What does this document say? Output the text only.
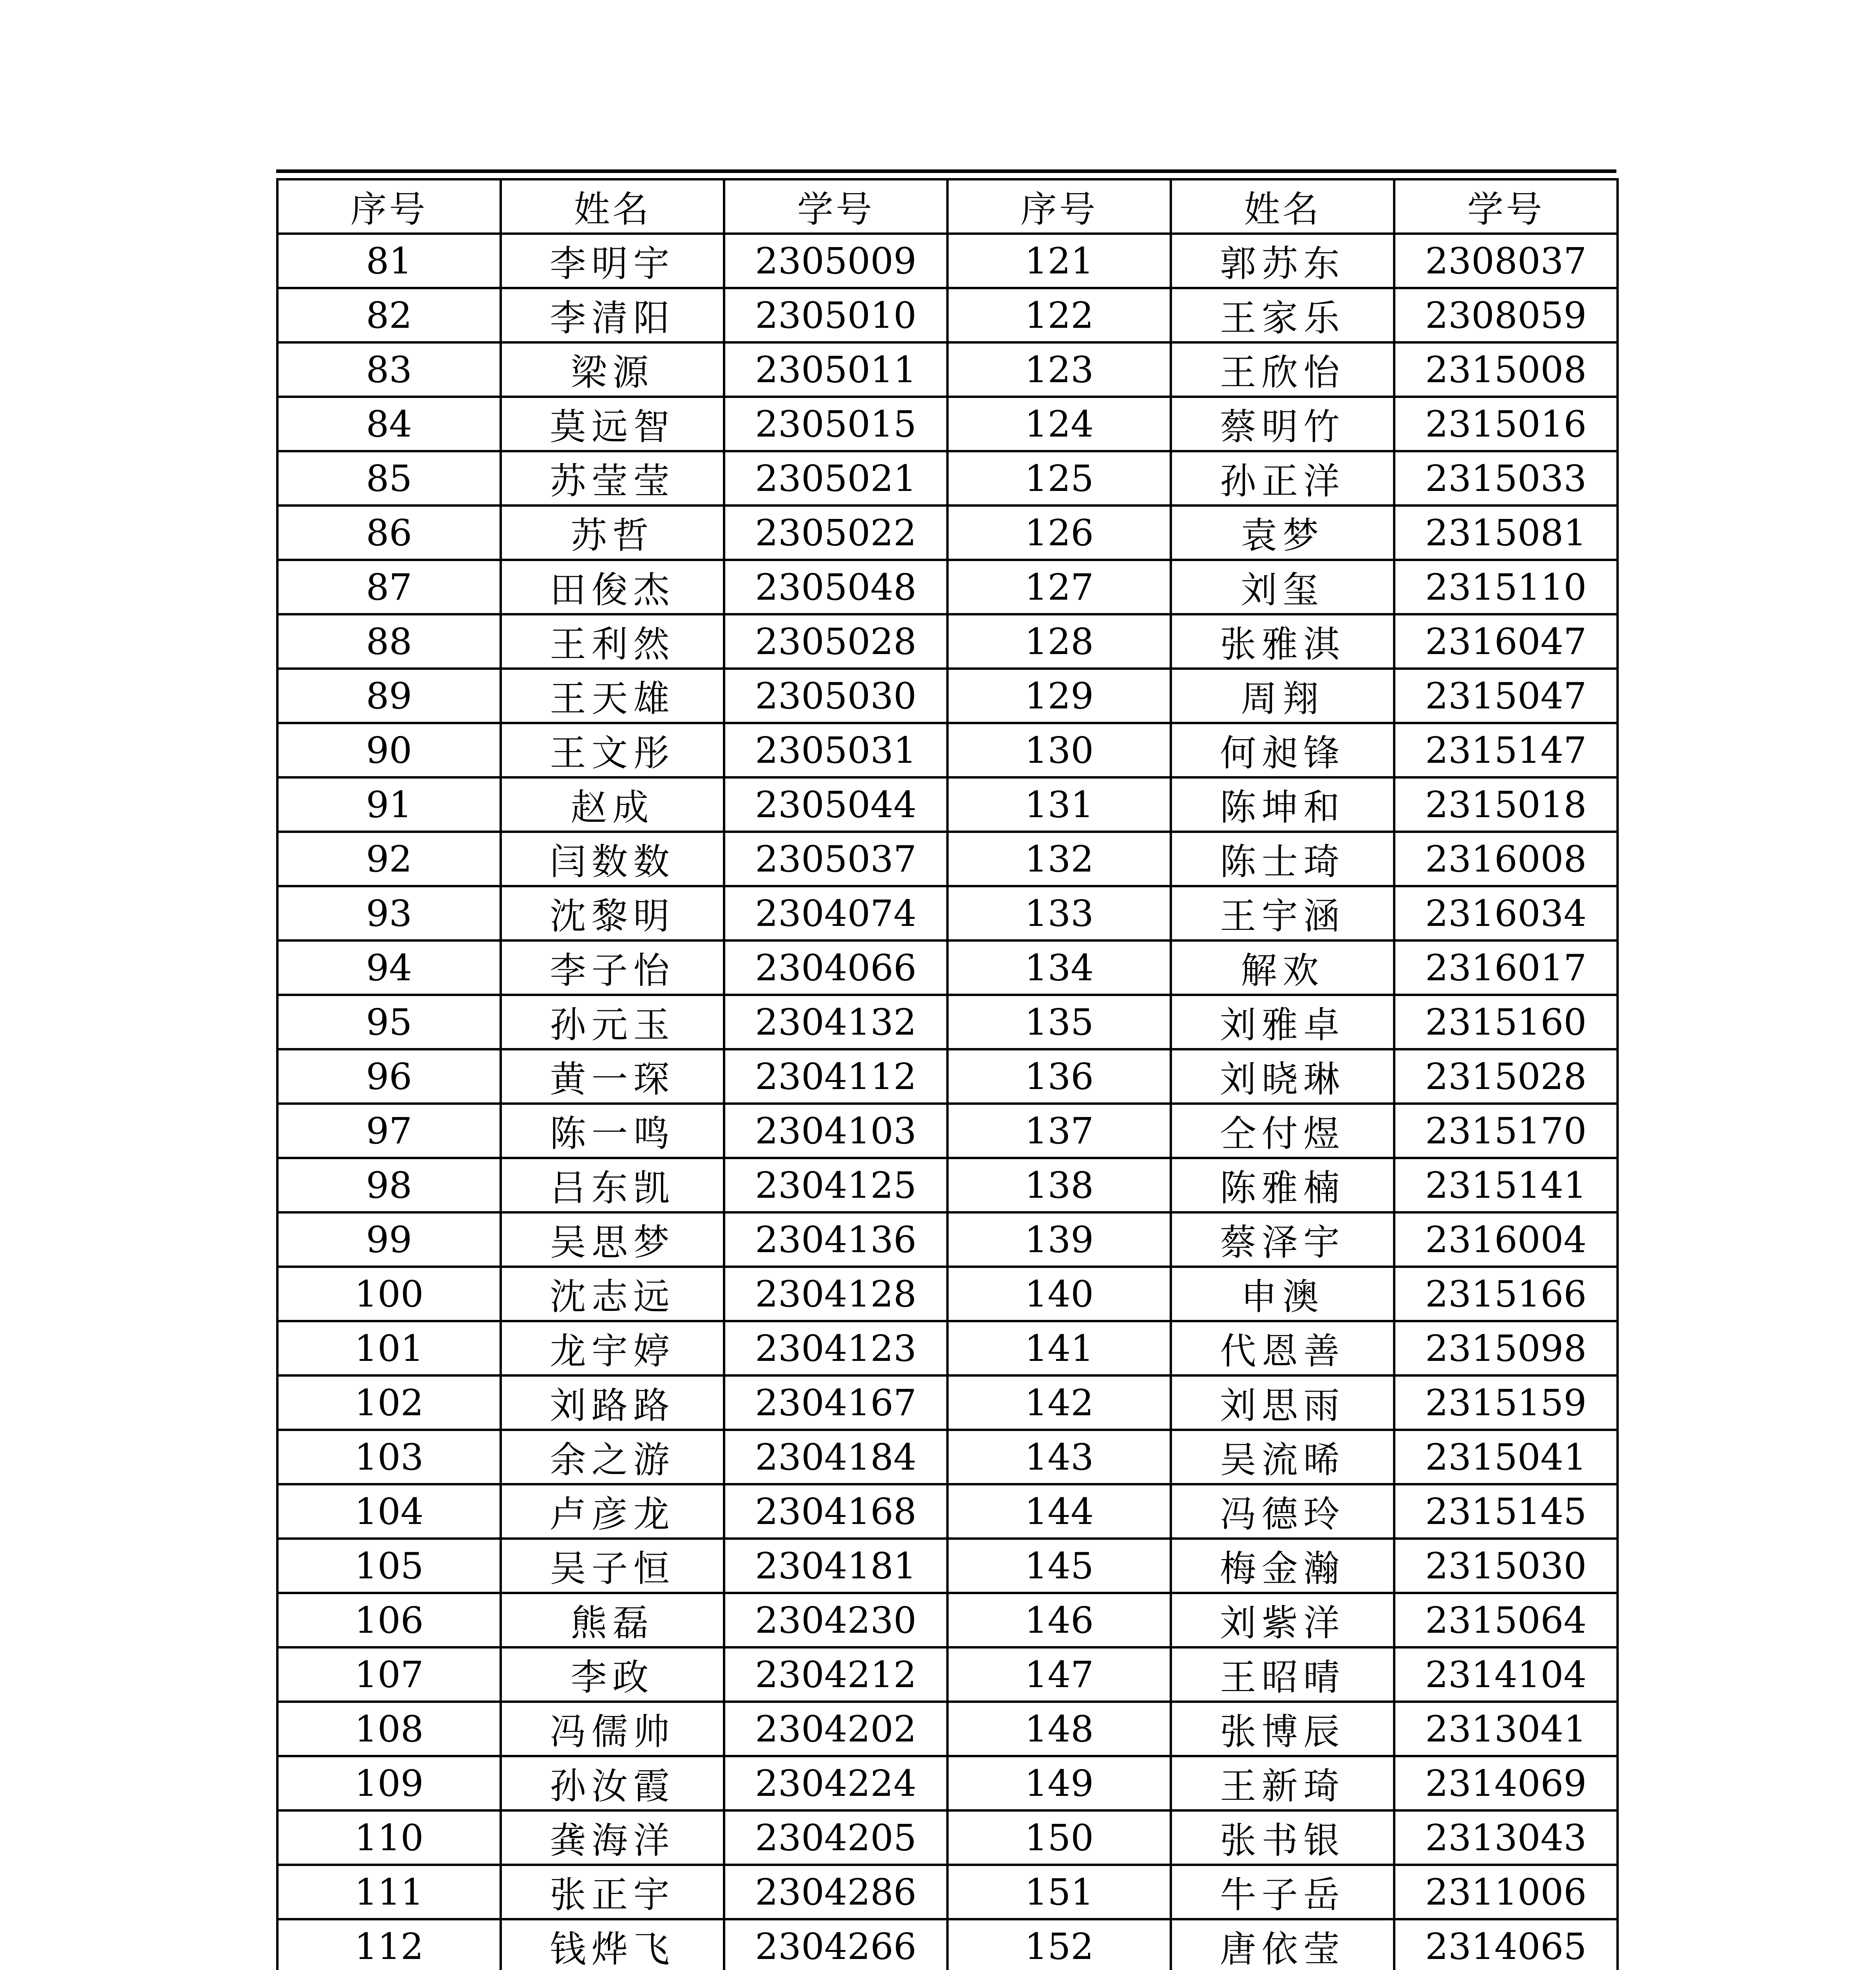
序号	姓名	学号	序号	姓名	学号
81	李明宇	2305009	121	郭苏东	2308037
82	李清阳	2305010	122	王家乐	2308059
83	梁源	2305011	123	王欣怡	2315008
84	莫远智	2305015	124	蔡明竹	2315016
85	苏莹莹	2305021	125	孙正洋	2315033
86	苏哲	2305022	126	袁梦	2315081
87	田俊杰	2305048	127	刘玺	2315110
88	王利然	2305028	128	张雅淇	2316047
89	王天雄	2305030	129	周翔	2315047
90	王文彤	2305031	130	何昶锋	2315147
91	赵成	2305044	131	陈坤和	2315018
92	闫数数	2305037	132	陈士琦	2316008
93	沈黎明	2304074	133	王宇涵	2316034
94	李子怡	2304066	134	解欢	2316017
95	孙元玉	2304132	135	刘雅卓	2315160
96	黄一琛	2304112	136	刘晓琳	2315028
97	陈一鸣	2304103	137	仝付煜	2315170
98	吕东凯	2304125	138	陈雅楠	2315141
99	吴思梦	2304136	139	蔡泽宇	2316004
100	沈志远	2304128	140	申澳	2315166
101	龙宇婷	2304123	141	代恩善	2315098
102	刘路路	2304167	142	刘思雨	2315159
103	余之游	2304184	143	吴流晞	2315041
104	卢彦龙	2304168	144	冯德玲	2315145
105	吴子恒	2304181	145	梅金瀚	2315030
106	熊磊	2304230	146	刘紫洋	2315064
107	李政	2304212	147	王昭晴	2314104
108	冯儒帅	2304202	148	张博辰	2313041
109	孙汝霞	2304224	149	王新琦	2314069
110	龚海洋	2304205	150	张书银	2313043
111	张正宇	2304286	151	牛子岳	2311006
112	钱烨飞	2304266	152	唐依莹	2314065
